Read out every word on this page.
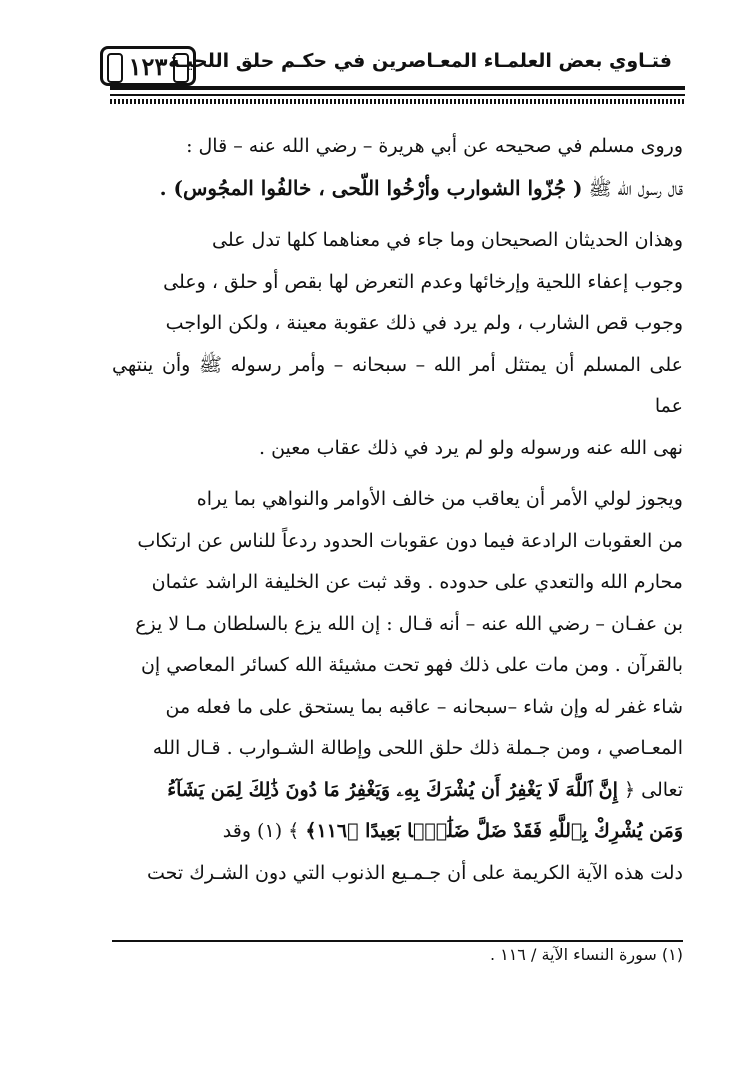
١٢٣ فتـاوي بعض العلمـاء المعـاصرين في حكـم حلق اللحيـة

وروى مسلم في صحيحه عن أبي هريرة – رضي الله عنه – قال :

قال رسول الله ﷺ ( جُزّوا الشوارب وأرْخُوا اللّحى ، خالفُوا المجُوس) .

وهذان الحديثان الصحيحان وما جاء في معناهما كلها تدل على

وجوب إعفاء اللحية وإرخائها وعدم التعرض لها بقص أو حلق ، وعلى

وجوب قص الشارب ، ولم يرد في ذلك عقوبة معينة ، ولكن الواجب

على المسلم أن يمتثل أمر الله – سبحانه – وأمر رسوله ﷺ وأن ينتهي عما

نهى الله عنه ورسوله ولو لم يرد في ذلك عقاب معين .

ويجوز لولي الأمر أن يعاقب من خالف الأوامر والنواهي بما يراه

من العقوبات الرادعة فيما دون عقوبات الحدود ردعاً للناس عن ارتكاب

محارم الله والتعدي على حدوده . وقد ثبت عن الخليفة الراشد عثمان

بن عفـان – رضي الله عنه – أنه قـال : إن الله يزع بالسلطان مـا لا يزع

بالقرآن . ومن مات على ذلك فهو تحت مشيئة الله كسائر المعاصي إن

شاء غفر له وإن شاء –سبحانه – عاقبه بما يستحق على ما فعله من

المعـاصي ، ومن جـملة ذلك حلق اللحى وإطالة الشـوارب . قـال الله

تعالى ﴿ إِنَّ ٱللَّهَ لَا يَغْفِرُ أَن يُشْرَكَ بِهِۦ وَيَغْفِرُ مَا دُونَ ذَٰلِكَ لِمَن يَشَآءُ

وَمَن يُشْرِكْ بِٱللَّهِ فَقَدْ ضَلَّ ضَلَٰلًۢا بَعِيدًا ﴿١١٦﴾ ﴾ (١) وقد

دلت هذه الآية الكريمة على أن جـمـيع الذنوب التي دون الشـرك تحت

(١) سورة النساء الآية / ١١٦ .
